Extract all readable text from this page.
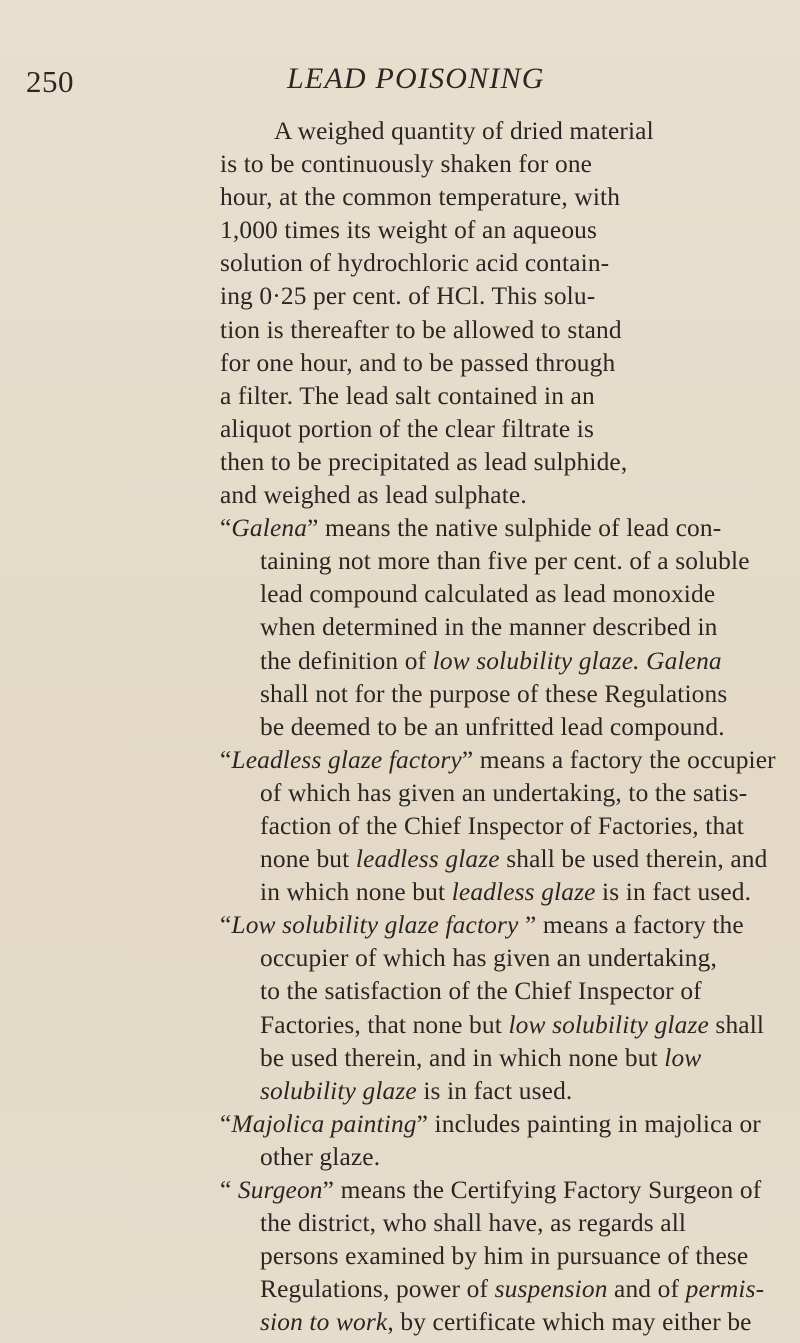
250	LEAD POISONING
A weighed quantity of dried material
is to be continuously shaken for one
hour, at the common temperature, with
1,000 times its weight of an aqueous
solution of hydrochloric acid contain-
ing 0·25 per cent. of HCl. This solu-
tion is thereafter to be allowed to stand
for one hour, and to be passed through
a filter. The lead salt contained in an
aliquot portion of the clear filtrate is
then to be precipitated as lead sulphide,
and weighed as lead sulphate.
“Galena” means the native sulphide of lead con-
taining not more than five per cent. of a soluble
lead compound calculated as lead monoxide
when determined in the manner described in
the definition of low solubility glaze. Galena
shall not for the purpose of these Regulations
be deemed to be an unfritted lead compound.
“Leadless glaze factory” means a factory the occupier
of which has given an undertaking, to the satis-
faction of the Chief Inspector of Factories, that
none but leadless glaze shall be used therein, and
in which none but leadless glaze is in fact used.
“Low solubility glaze factory ” means a factory the
occupier of which has given an undertaking,
to the satisfaction of the Chief Inspector of
Factories, that none but low solubility glaze shall
be used therein, and in which none but low
solubility glaze is in fact used.
“Majolica painting” includes painting in majolica or
other glaze.
“ Surgeon” means the Certifying Factory Surgeon of
the district, who shall have, as regards all
persons examined by him in pursuance of these
Regulations, power of suspension and of permis-
sion to work, by certificate which may either be
